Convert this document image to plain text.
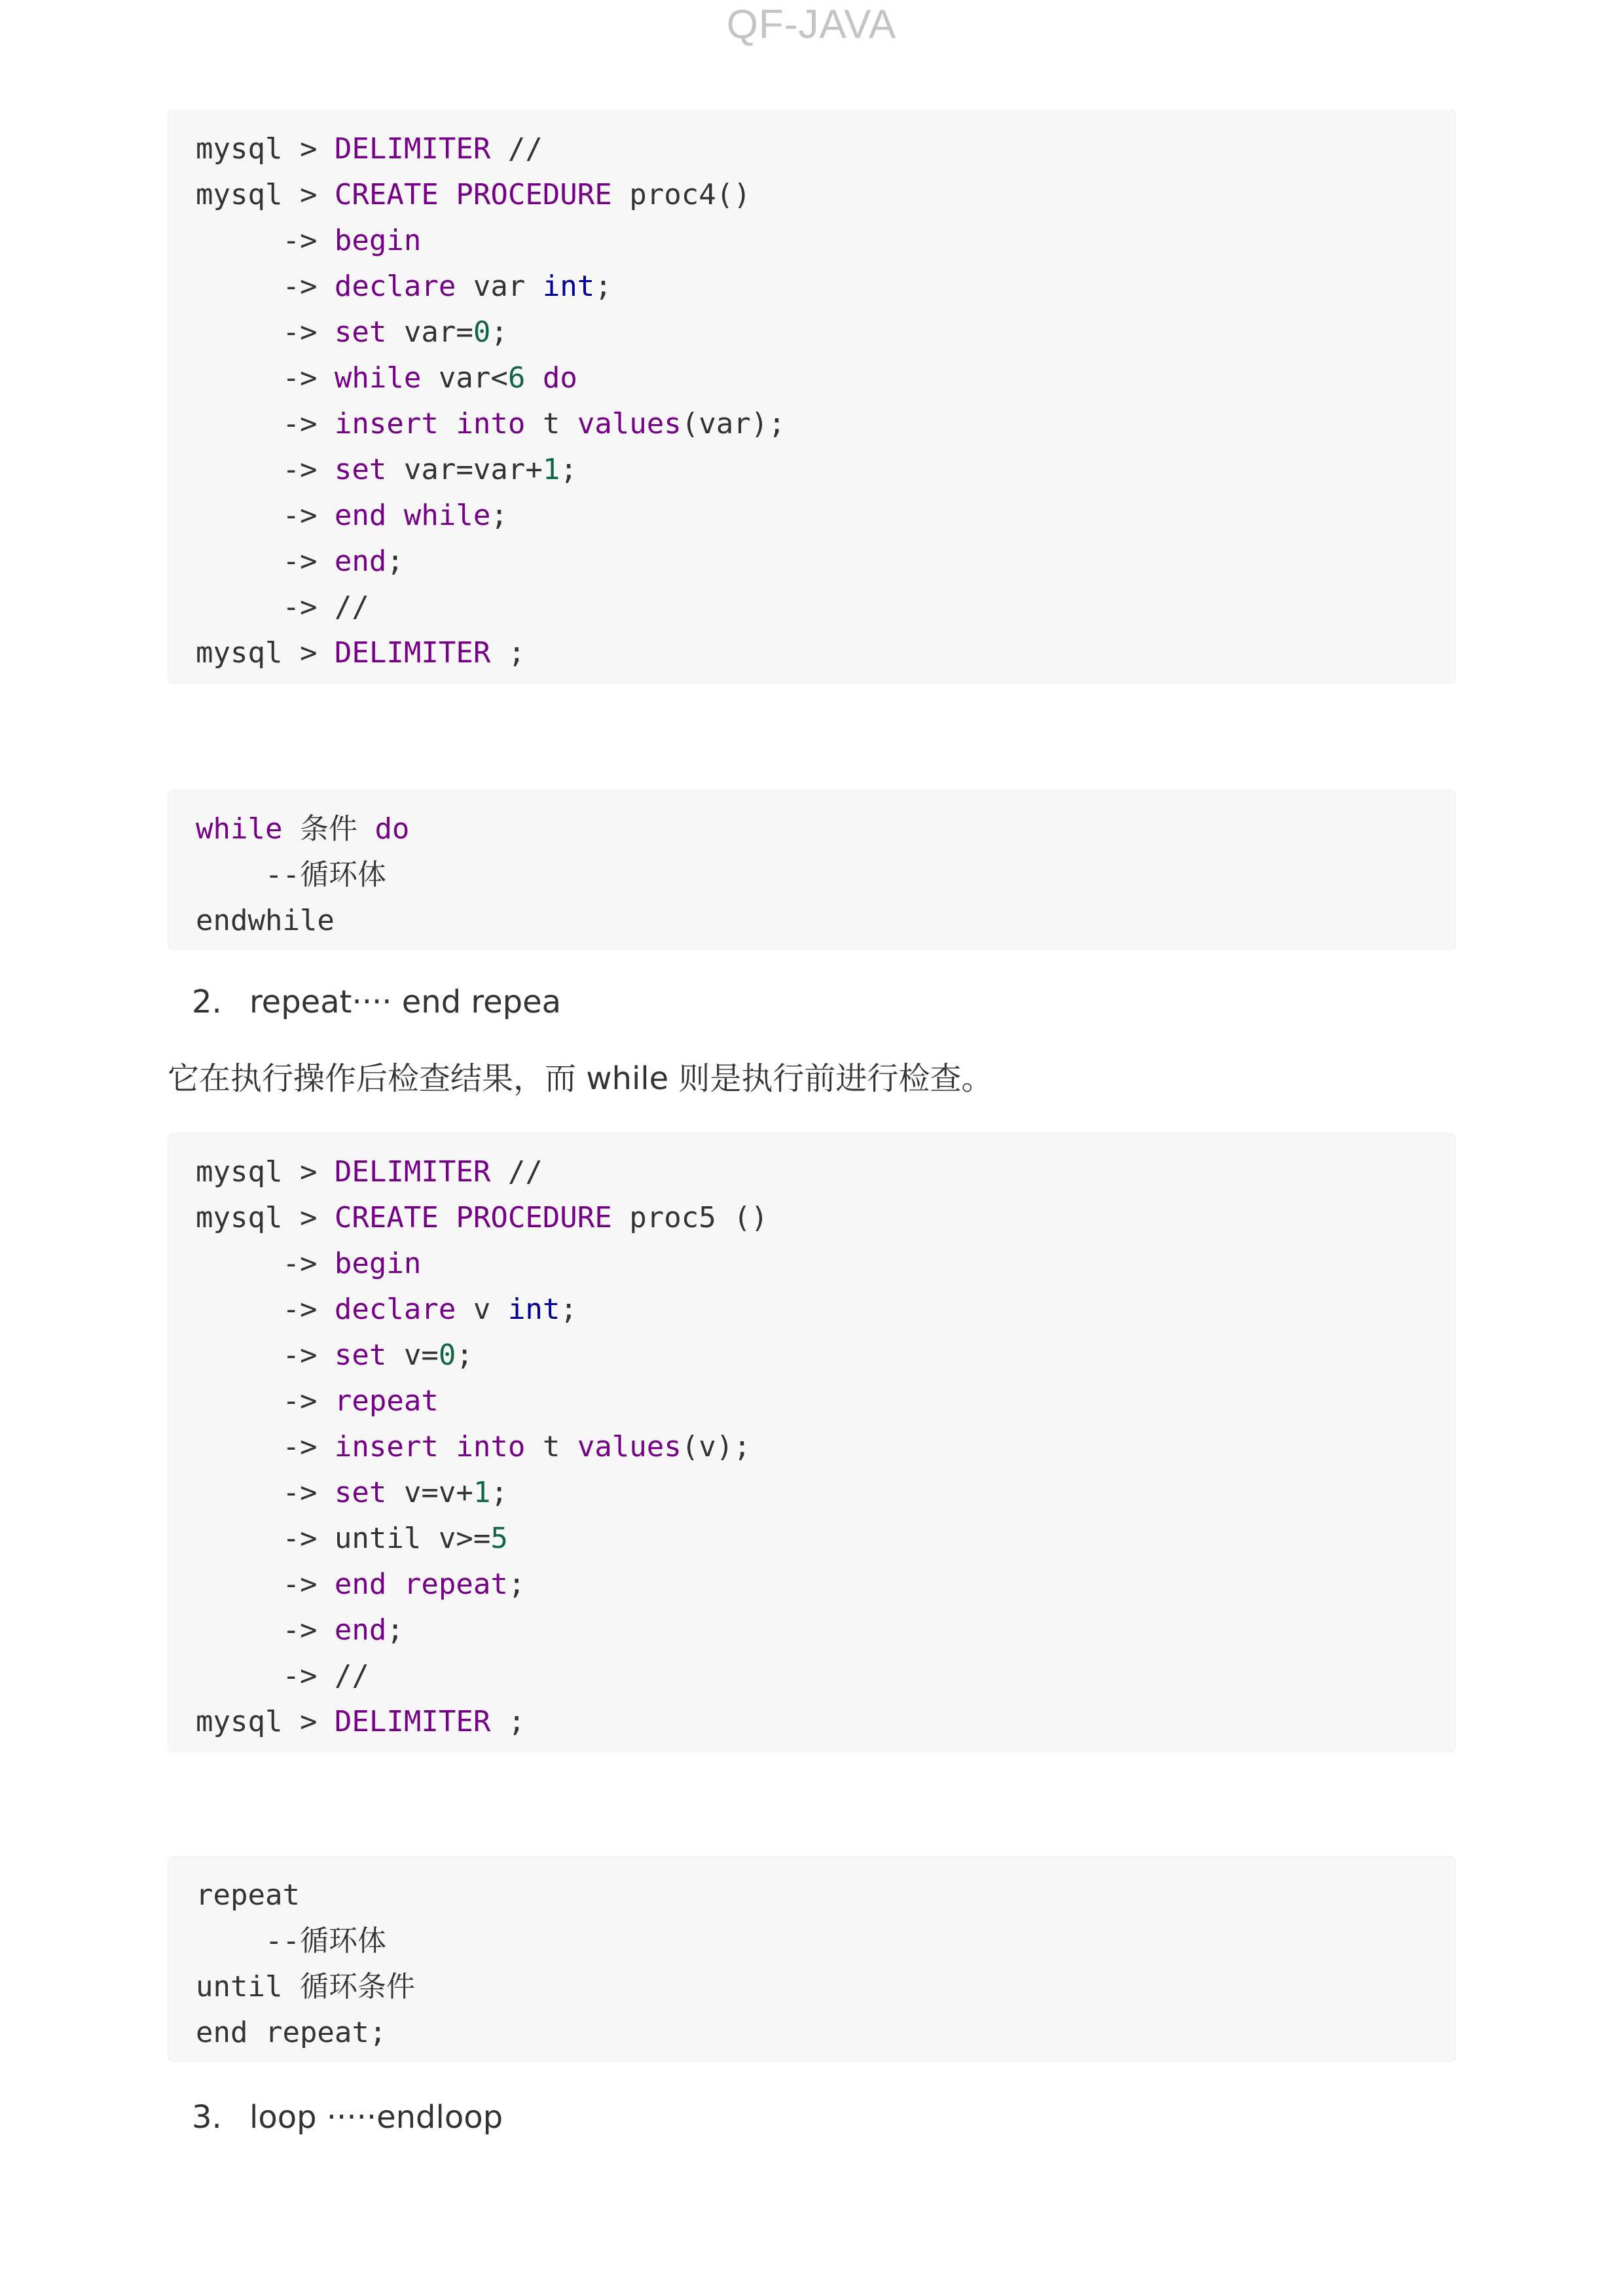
QF-JAVA
mysql > DELIMITER //
mysql > CREATE PROCEDURE proc4()
-> begin
-> declare var int;
-> set var=0;
-> while var<6 do
-> insert into t values(var);
-> set var=var+1;
-> end while;
-> end;
-> //
mysql > DELIMITER ;
while 条件 do
--循环体
endwhile
2. repeat···· end repea
它在执行操作后检查结果，而 while 则是执行前进行检查。
mysql > DELIMITER //
mysql > CREATE PROCEDURE proc5 ()
-> begin
-> declare v int;
-> set v=0;
-> repeat
-> insert into t values(v);
-> set v=v+1;
-> until v>=5
-> end repeat;
-> end;
-> //
mysql > DELIMITER ;
repeat
--循环体
until 循环条件
end repeat;
3. loop ·····endloop
